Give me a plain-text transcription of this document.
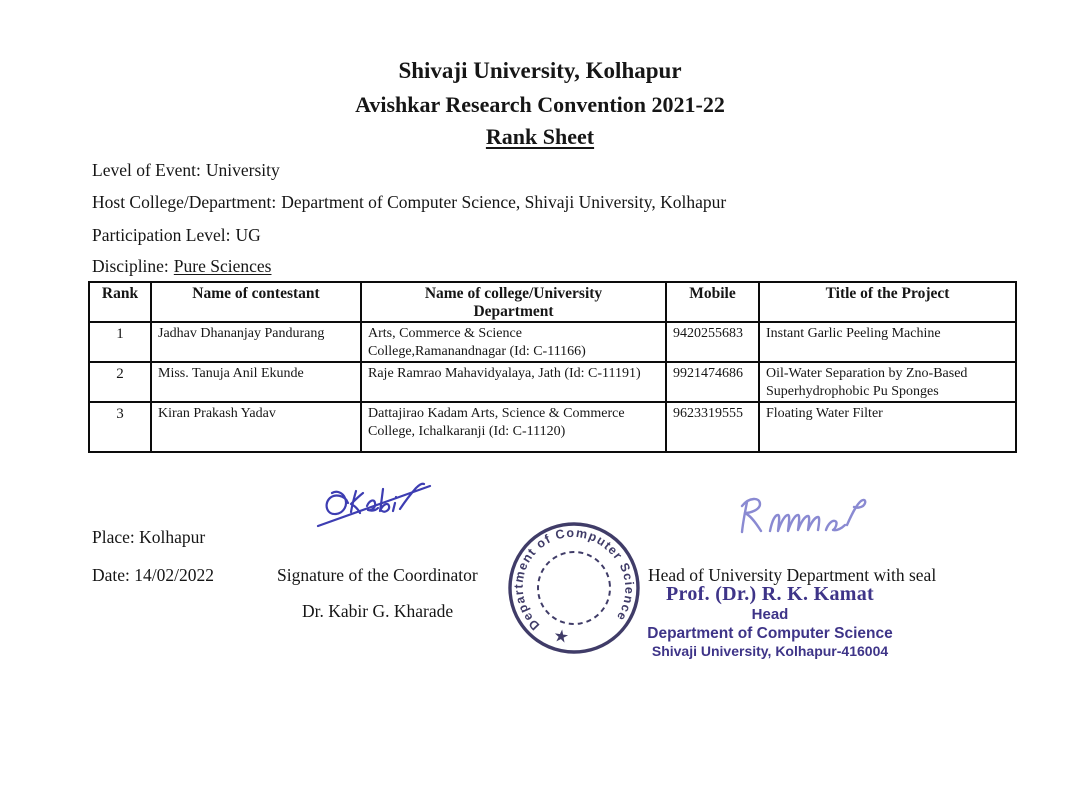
Shivaji University, Kolhapur
Avishkar Research Convention 2021-22
Rank Sheet
Level of Event: University
Host College/Department: Department of Computer Science, Shivaji University, Kolhapur
Participation Level: UG
Discipline: Pure Sciences
Rank	Name of contestant	Name of college/University Department	Mobile	Title of the Project
1	Jadhav Dhananjay Pandurang	Arts, Commerce & Science College,Ramanandnagar (Id: C-11166)	9420255683	Instant Garlic Peeling Machine
2	Miss. Tanuja Anil Ekunde	Raje Ramrao Mahavidyalaya, Jath (Id: C-11191)	9921474686	Oil-Water Separation by Zno-Based Superhydrophobic Pu Sponges
3	Kiran Prakash Yadav	Dattajirao Kadam Arts, Science & Commerce College, Ichalkaranji (Id: C-11120)	9623319555	Floating Water Filter
Place: Kolhapur
Date: 14/02/2022	Signature of the Coordinator
Dr. Kabir G. Kharade
Department of Computer Science
★
Head of University Department with seal
Prof. (Dr.) R. K. Kamat
Head
Department of Computer Science
Shivaji University, Kolhapur-416004
